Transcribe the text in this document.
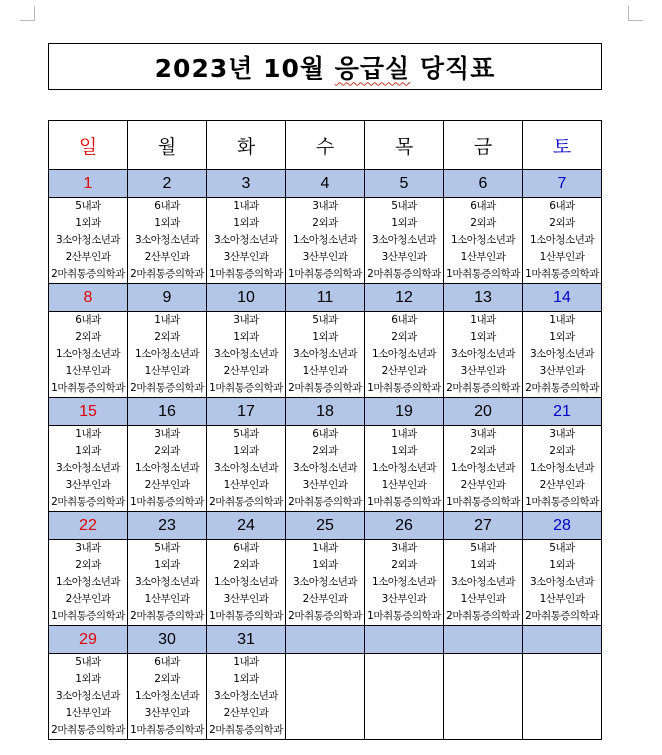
2023년 10월 응급실 당직표
일	월	화	수	목	금	토
1	2	3	4	5	6	7

5내과
1외과
3소아청소년과
2산부인과
2마취통증의학과	6내과
1외과
3소아청소년과
2산부인과
2마취통증의학과	1내과
1외과
3소아청소년과
3산부인과
1마취통증의학과	3내과
2외과
1소아청소년과
3산부인과
1마취통증의학과	5내과
1외과
3소아청소년과
3산부인과
2마취통증의학과	6내과
2외과
1소아청소년과
1산부인과
1마취통증의학과	6내과
2외과
1소아청소년과
1산부인과
1마취통증의학과

8	9	10	11	12	13	14

6내과
2외과
1소아청소년과
1산부인과
1마취통증의학과	1내과
2외과
1소아청소년과
1산부인과
2마취통증의학과	3내과
1외과
3소아청소년과
2산부인과
1마취통증의학과	5내과
1외과
3소아청소년과
1산부인과
2마취통증의학과	6내과
2외과
1소아청소년과
2산부인과
1마취통증의학과	1내과
1외과
3소아청소년과
3산부인과
2마취통증의학과	1내과
1외과
3소아청소년과
3산부인과
2마취통증의학과

15	16	17	18	19	20	21

1내과
1외과
3소아청소년과
3산부인과
2마취통증의학과	3내과
2외과
1소아청소년과
2산부인과
1마취통증의학과	5내과
1외과
3소아청소년과
1산부인과
2마취통증의학과	6내과
2외과
3소아청소년과
3산부인과
2마취통증의학과	1내과
1외과
1소아청소년과
1산부인과
1마취통증의학과	3내과
2외과
1소아청소년과
2산부인과
1마취통증의학과	3내과
2외과
1소아청소년과
2산부인과
1마취통증의학과

22	23	24	25	26	27	28

3내과
2외과
1소아청소년과
2산부인과
1마취통증의학과	5내과
1외과
3소아청소년과
1산부인과
2마취통증의학과	6내과
2외과
1소아청소년과
3산부인과
1마취통증의학과	1내과
1외과
3소아청소년과
2산부인과
2마취통증의학과	3내과
2외과
1소아청소년과
3산부인과
1마취통증의학과	5내과
1외과
3소아청소년과
1산부인과
2마취통증의학과	5내과
1외과
3소아청소년과
1산부인과
2마취통증의학과

29	30	31				

5내과
1외과
3소아청소년과
1산부인과
2마취통증의학과	6내과
2외과
1소아청소년과
3산부인과
1마취통증의학과	1내과
1외과
3소아청소년과
2산부인과
2마취통증의학과				
